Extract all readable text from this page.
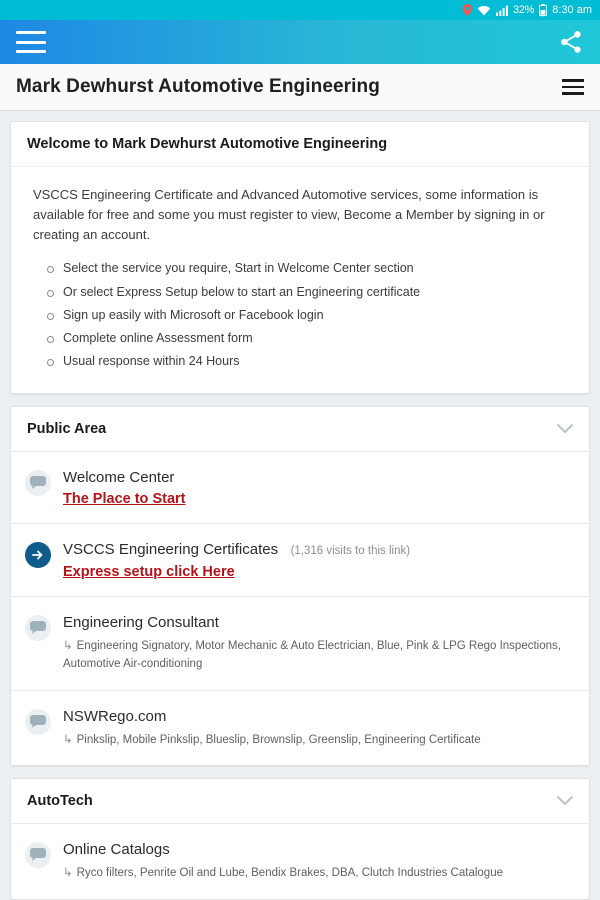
32% 8:30 am
Mark Dewhurst Automotive Engineering
Welcome to Mark Dewhurst Automotive Engineering

VSCCS Engineering Certificate and Advanced Automotive services, some information is available for free and some you must register to view, Become a Member by signing in or creating an account.

Select the service you require, Start in Welcome Center section
Or select Express Setup below to start an Engineering certificate
Sign up easily with Microsoft or Facebook login
Complete online Assessment form
Usual response within 24 Hours
Public Area
Welcome Center
The Place to Start
VSCCS Engineering Certificates (1,316 visits to this link)
Express setup click Here
Engineering Consultant
↳ Engineering Signatory, Motor Mechanic & Auto Electrician, Blue, Pink & LPG Rego Inspections, Automotive Air-conditioning
NSWRego.com
↳ Pinkslip, Mobile Pinkslip, Blueslip, Brownslip, Greenslip, Engineering Certificate
AutoTech
Online Catalogs
↳ Ryco filters, Penrite Oil and Lube, Bendix Brakes, DBA, Clutch Industries Catalogue
